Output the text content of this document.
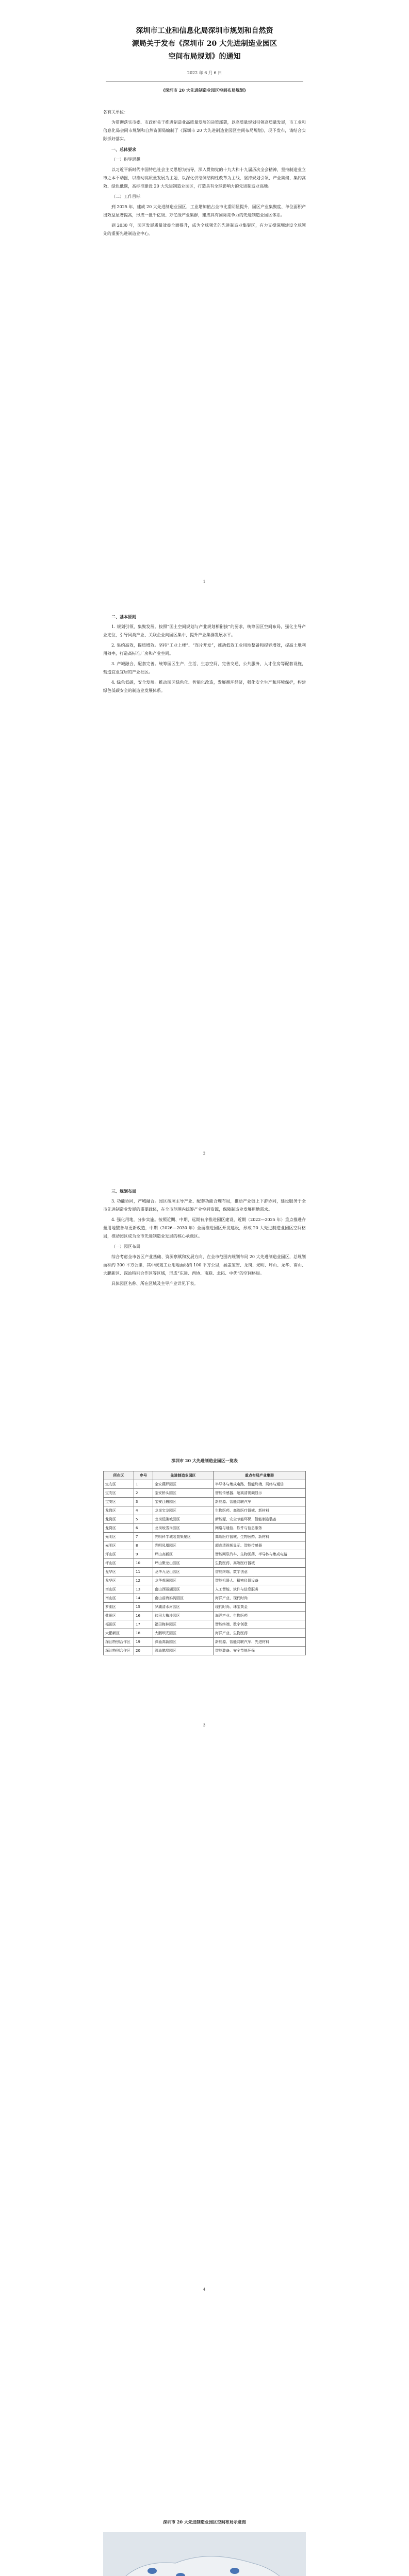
深圳市工业和信息化局深圳市规划和自然资
源局关于发布《深圳市 20 大先进制造业园区
空间布局规划》的通知
2022 年 6 月 6 日
《深圳市 20 大先进制造业园区空间布局规划》

各有关单位：

为贯彻落实市委、市政府关于推进制造业高质量发展的决策部署，以高质量规划引领高质量发展，市工业和信息化局会同市规划和自然资源局编制了《深圳市 20 大先进制造业园区空间布局规划》，现予发布，请结合实际抓好落实。

一、总体要求

（一）指导思想

以习近平新时代中国特色社会主义思想为指导，深入贯彻党的十九大和十九届历次全会精神，坚持制造业立市之本不动摇，以推动高质量发展为主题，以深化供给侧结构性改革为主线，坚持规划引领、产业集聚、集约高效、绿色低碳，高标准建设 20 大先进制造业园区，打造具有全球影响力的先进制造业高地。

（二）工作目标

到 2025 年，建成 20 大先进制造业园区，工业增加值占全市比重明显提升，园区产业集聚度、单位面积产出效益显著提高，形成一批千亿级、万亿级产业集群，建成具有国际竞争力的先进制造业园区体系。

到 2030 年，园区发展质量效益全面提升，成为全球领先的先进制造业集聚区，有力支撑深圳建设全球领先的重要先进制造业中心。

1

二、基本原则

1. 规划引领，集聚发展。按照“国土空间规划与产业规划相衔接”的要求，统筹园区空间布局，强化主导产业定位，引导同类产业、关联企业向园区集中，提升产业集群发展水平。

2. 集约高效，提质增效。坚持“工业上楼”、“连片开发”，推动低效工业用地整备和提容增效，提高土地利用效率，打造高标准厂房和产业空间。

3. 产城融合，配套完善。统筹园区生产、生活、生态空间，完善交通、公共服务、人才住房等配套设施，营造宜业宜居的产业社区。

4. 绿色低碳，安全发展。推动园区绿色化、智能化改造，发展循环经济，强化安全生产和环境保护，构建绿色低碳安全的制造业发展体系。

2

三、规划布局

3. 功能协同，产城融合。园区按照主导产业、配套功能合理布局，推动产业链上下游协同，建设服务于全市先进制造业发展的重要载体，在全市范围内统筹产业空间资源，保障制造业发展用地需求。

4. 强化用地，分步实施。按照近期、中期、远期有序推进园区建设，近期（2022—2025 年）重点推进存量用地整备与更新改造，中期（2026—2030 年）全面推进园区开发建设，形成 20 大先进制造业园区空间格局，推动园区成为全市先进制造业发展的核心承载区。

（一）园区布局

综合考虑全市各区产业基础、资源禀赋和发展方向，在全市范围内规划布局 20 大先进制造业园区，总规划面积约 300 平方公里，其中规划工业用地面积约 100 平方公里，涵盖宝安、龙岗、光明、坪山、龙华、南山、大鹏新区、深汕特别合作区等区域，形成“东进、西协、南联、北拓、中优”的空间格局。

具体园区名称、所在区域及主导产业详见下表。

深圳市 20 大先进制造业园区一览表
所在区	序号	先进制造业园区	重点布局产业集群
宝安区	1	宝安燕罗园区	半导体与集成电路、智能终端、网络与通信
宝安区	2	宝安桥头园区	智能传感器、超高清视频显示
宝安区	3	宝安江碧园区	新能源、智能网联汽车
龙岗区	4	龙岗宝龙园区	生物医药、高端医疗器械、新材料
龙岗区	5	龙岗低碳城园区	新能源、安全节能环保、智能制造装备
龙岗区	6	龙岗坂雪岗园区	网络与通信、软件与信息服务
光明区	7	光明科学城装置集聚区	高端医疗器械、生物医药、新材料
光明区	8	光明凤凰园区	超高清视频显示、智能传感器
坪山区	9	坪山高新区	智能网联汽车、生物医药、半导体与集成电路
坪山区	10	坪山聚龙山园区	生物医药、高端医疗器械
龙华区	11	龙华九龙山园区	智能终端、数字创意
龙华区	12	龙华观澜园区	智能机器人、精密仪器设备
南山区	13	南山西丽湖园区	人工智能、软件与信息服务
南山区	14	南山前海妈湾园区	海洋产业、现代时尚
罗湖区	15	罗湖清水河园区	现代时尚、珠宝黄金
盐田区	16	盐田大梅沙园区	海洋产业、生物医药
福田区	17	福田梅林园区	智能终端、数字创意
大鹏新区	18	大鹏坝光园区	海洋产业、生物医药
深汕特别合作区	19	深汕高新园区	新能源、智能网联汽车、先进材料
深汕特别合作区	20	深汕鹅埠园区	智能装备、安全节能环保
3
深圳市 20 大先进制造业园区空间布局示意图

4
